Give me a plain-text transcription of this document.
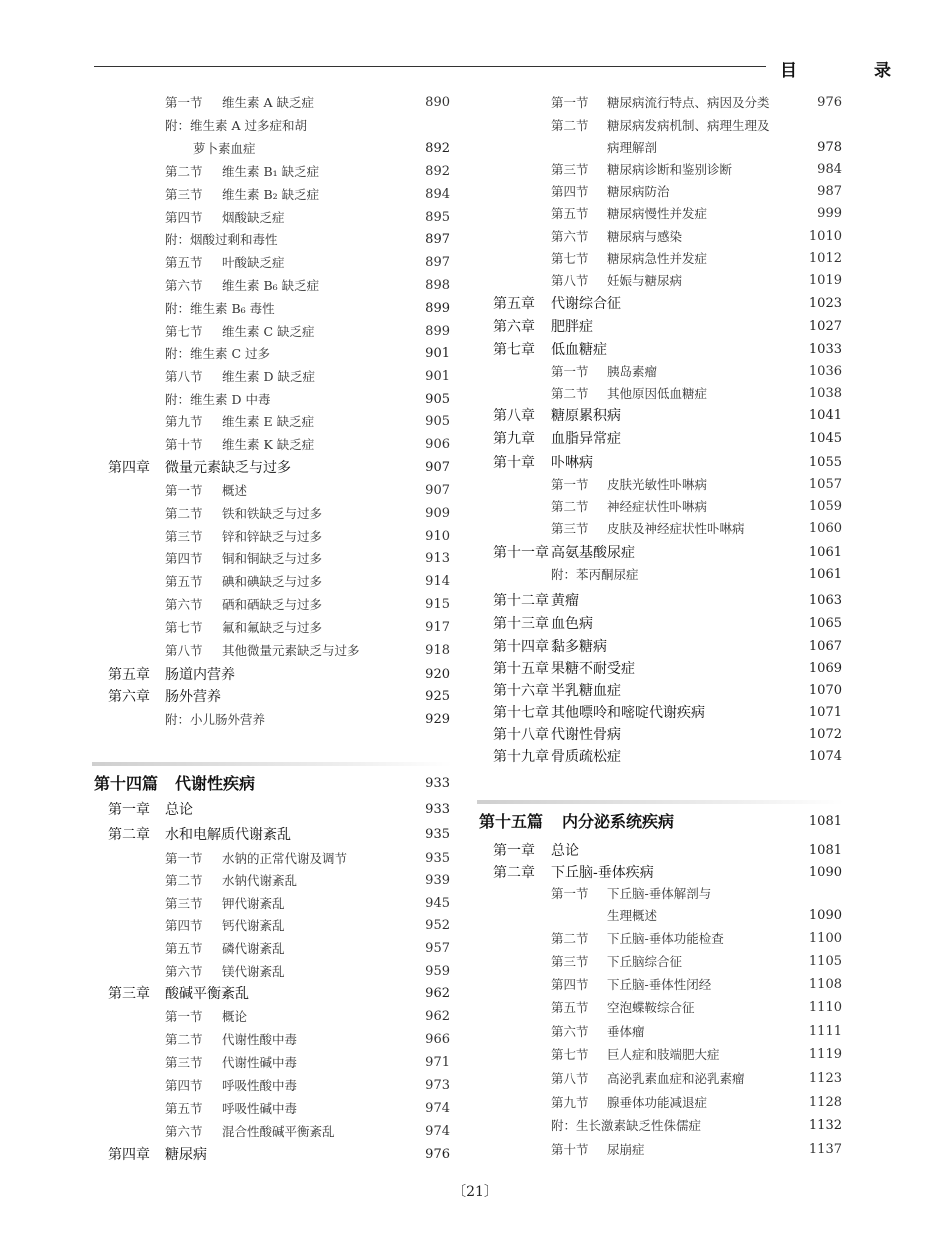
目　录
第一节 维生素 A 缺乏症	890
附：维生素 A 过多症和胡
萝卜素血症	892
第二节 维生素 B₁ 缺乏症	892
第三节 维生素 B₂ 缺乏症	894
第四节 烟酸缺乏症	895
附：烟酸过剩和毒性	897
第五节 叶酸缺乏症	897
第六节 维生素 B₆ 缺乏症	898
附：维生素 B₆ 毒性	899
第七节 维生素 C 缺乏症	899
附：维生素 C 过多	901
第八节 维生素 D 缺乏症	901
附：维生素 D 中毒	905
第九节 维生素 E 缺乏症	905
第十节 维生素 K 缺乏症	906
第四章 微量元素缺乏与过多	907
第一节 概述	907
第二节 铁和铁缺乏与过多	909
第三节 锌和锌缺乏与过多	910
第四节 铜和铜缺乏与过多	913
第五节 碘和碘缺乏与过多	914
第六节 硒和硒缺乏与过多	915
第七节 氟和氟缺乏与过多	917
第八节 其他微量元素缺乏与过多	918
第五章 肠道内营养	920
第六章 肠外营养	925
附：小儿肠外营养	929
第十四篇 代谢性疾病	933
第一章 总论	933
第二章 水和电解质代谢紊乱	935
第一节 水钠的正常代谢及调节	935
第二节 水钠代谢紊乱	939
第三节 钾代谢紊乱	945
第四节 钙代谢紊乱	952
第五节 磷代谢紊乱	957
第六节 镁代谢紊乱	959
第三章 酸碱平衡紊乱	962
第一节 概论	962
第二节 代谢性酸中毒	966
第三节 代谢性碱中毒	971
第四节 呼吸性酸中毒	973
第五节 呼吸性碱中毒	974
第六节 混合性酸碱平衡紊乱	974
第四章 糖尿病	976
第一节 糖尿病流行特点、病因及分类	976
第二节 糖尿病发病机制、病理生理及
病理解剖	978
第三节 糖尿病诊断和鉴别诊断	984
第四节 糖尿病防治	987
第五节 糖尿病慢性并发症	999
第六节 糖尿病与感染	1010
第七节 糖尿病急性并发症	1012
第八节 妊娠与糖尿病	1019
第五章 代谢综合征	1023
第六章 肥胖症	1027
第七章 低血糖症	1033
第一节 胰岛素瘤	1036
第二节 其他原因低血糖症	1038
第八章 糖原累积病	1041
第九章 血脂异常症	1045
第十章 卟啉病	1055
第一节 皮肤光敏性卟啉病	1057
第二节 神经症状性卟啉病	1059
第三节 皮肤及神经症状性卟啉病	1060
第十一章 高氨基酸尿症	1061
附：苯丙酮尿症	1061
第十二章 黄瘤	1063
第十三章 血色病	1065
第十四章 黏多糖病	1067
第十五章 果糖不耐受症	1069
第十六章 半乳糖血症	1070
第十七章 其他嘌呤和嘧啶代谢疾病	1071
第十八章 代谢性骨病	1072
第十九章 骨质疏松症	1074
第十五篇 内分泌系统疾病	1081
第一章 总论	1081
第二章 下丘脑-垂体疾病	1090
第一节 下丘脑-垂体解剖与
生理概述	1090
第二节 下丘脑-垂体功能检查	1100
第三节 下丘脑综合征	1105
第四节 下丘脑-垂体性闭经	1108
第五节 空泡蝶鞍综合征	1110
第六节 垂体瘤	1111
第七节 巨人症和肢端肥大症	1119
第八节 高泌乳素血症和泌乳素瘤	1123
第九节 腺垂体功能减退症	1128
附：生长激素缺乏性侏儒症	1132
第十节 尿崩症	1137
〔21〕
